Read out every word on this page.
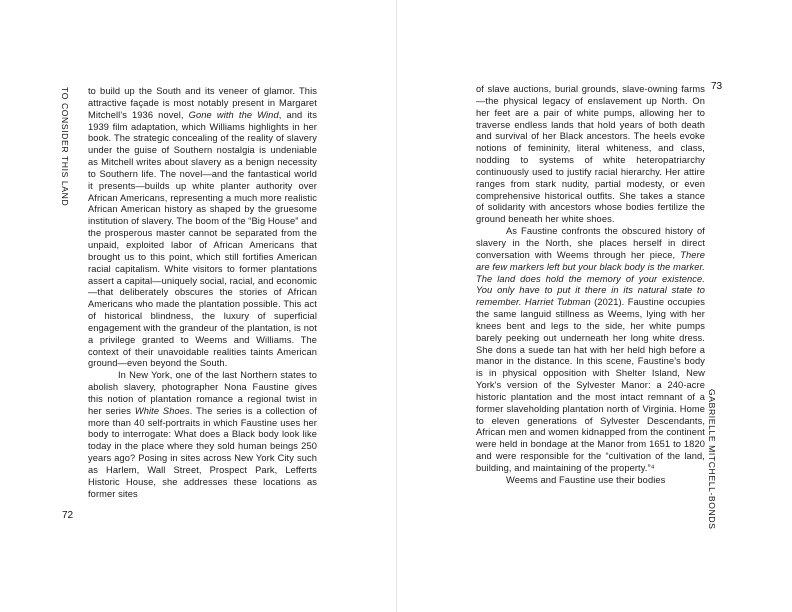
TO CONSIDER THIS LAND to build up the South and its veneer of glamor. This attractive façade is most notably present in Margaret Mitchell's 1936 novel, Gone with the Wind, and its 1939 film adaptation, which Williams highlights in her book. The strategic concealing of the reality of slavery under the guise of Southern nostalgia is undeniable as Mitchell writes about slavery as a benign necessity to Southern life. The novel—and the fantastical world it presents—builds up white planter authority over African Americans, representing a much more realistic African American history as shaped by the gruesome institution of slavery. The boom of the “Big House” and the prosperous master cannot be separated from the unpaid, exploited labor of African Americans that brought us to this point, which still fortifies American racial capitalism. White visitors to former plantations assert a capital—uniquely social, racial, and economic—that deliberately obscures the stories of African Americans who made the plantation possible. This act of historical blindness, the luxury of superficial engagement with the grandeur of the plantation, is not a privilege granted to Weems and Williams. The context of their unavoidable realities taints American ground—even beyond the South.

In New York, one of the last Northern states to abolish slavery, photographer Nona Faustine gives this notion of plantation romance a regional twist in her series White Shoes. The series is a collection of more than 40 self-portraits in which Faustine uses her body to interrogate: What does a Black body look like today in the place where they sold human beings 250 years ago? Posing in sites across New York City such as Harlem, Wall Street, Prospect Park, Lefferts Historic House, she addresses these locations as former sites

72
73

of slave auctions, burial grounds, slave-owning farms—the physical legacy of enslavement up North. On her feet are a pair of white pumps, allowing her to traverse endless lands that hold years of both death and survival of her Black ancestors. The heels evoke notions of femininity, literal whiteness, and class, nodding to systems of white heteropatriarchy continuously used to justify racial hierarchy. Her attire ranges from stark nudity, partial modesty, or even comprehensive historical outfits. She takes a stance of solidarity with ancestors whose bodies fertilize the ground beneath her white shoes.

As Faustine confronts the obscured history of slavery in the North, she places herself in direct conversation with Weems through her piece, There are few markers left but your black body is the marker. The land does hold the memory of your existence. You only have to put it there in its natural state to remember. Harriet Tubman (2021). Faustine occupies the same languid stillness as Weems, lying with her knees bent and legs to the side, her white pumps barely peeking out underneath her long white dress. She dons a suede tan hat with her held high before a manor in the distance. In this scene, Faustine's body is in physical opposition with Shelter Island, New York's version of the Sylvester Manor: a 240-acre historic plantation and the most intact remnant of a former slaveholding plantation north of Virginia. Home to eleven generations of Sylvester Descendants, African men and women kidnapped from the continent were held in bondage at the Manor from 1651 to 1820 and were responsible for the “cultivation of the land, building, and maintaining of the property.”⁴

Weems and Faustine use their bodies	GABRIELLE MITCHELL-BONDS
